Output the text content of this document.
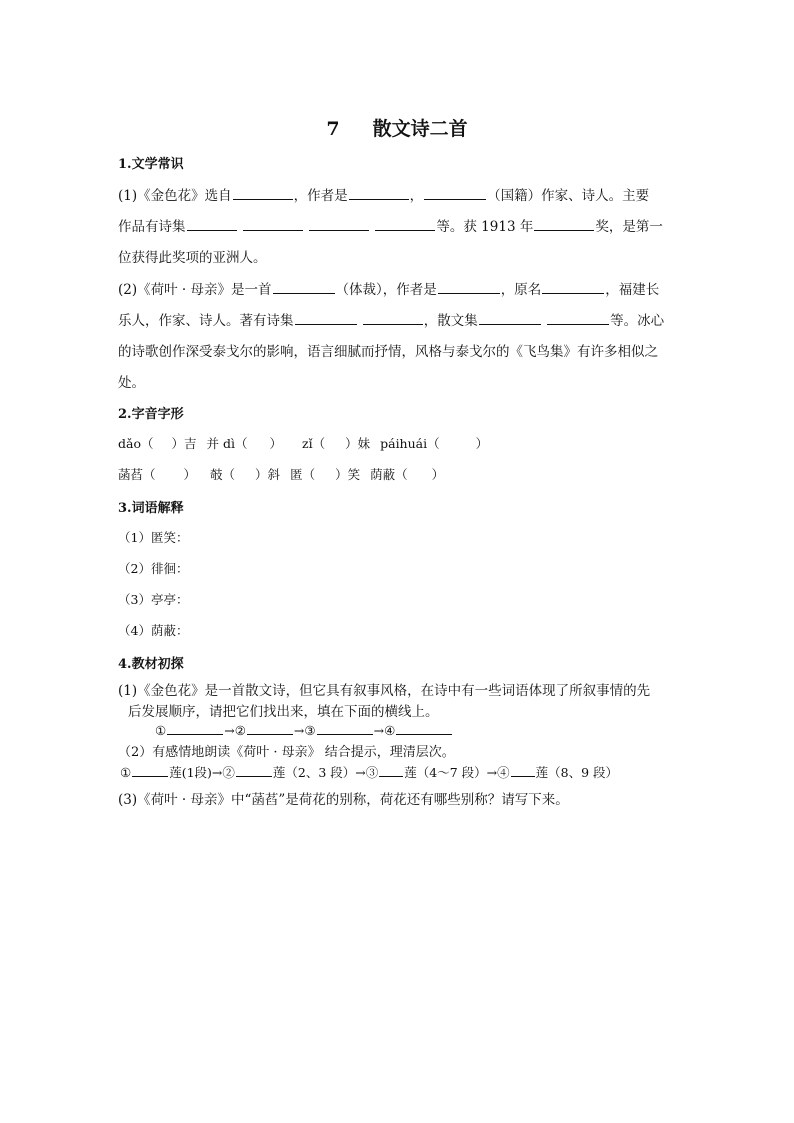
7     散文诗二首
1.文学常识
(1)《金色花》选自	，作者是	，	（国籍）作家、诗人。主要
作品有诗集	等。获 1913 年	奖，是第一
位获得此奖项的亚洲人。
(2)《荷叶 · 母亲》是一首	（体裁），作者是	，原名	，福建长
乐人，作家、诗人。著有诗集	，散文集	等。冰心
的诗歌创作深受泰戈尔的影响，语言细腻而抒情，风格与泰戈尔的《飞鸟集》有许多相似之
处。
2.字音字形
dǎo（ ）吉 并 dì（ ） zǐ（ ）妹 páihuái（	）
菡萏（ ） 攲（ ）斜 匿（ ）笑 荫蔽（ ）
3.词语解释
（1）匿笑：
（2）徘徊：
（3）亭亭：
（4）荫蔽：
4.教材初探
(1)《金色花》是一首散文诗，但它具有叙事风格，在诗中有一些词语体现了所叙事情的先
后发展顺序，请把它们找出来，填在下面的横线上。
①	→②	→③	→④
（2）有感情地朗读《荷叶 · 母亲》 结合提示，理清层次。
①	莲(1段)→②	莲（2、3 段）→③ 莲（4～7 段）→④ 莲（8、9 段）
(3)《荷叶 · 母亲》中“菡萏”是荷花的别称，荷花还有哪些别称？请写下来。
